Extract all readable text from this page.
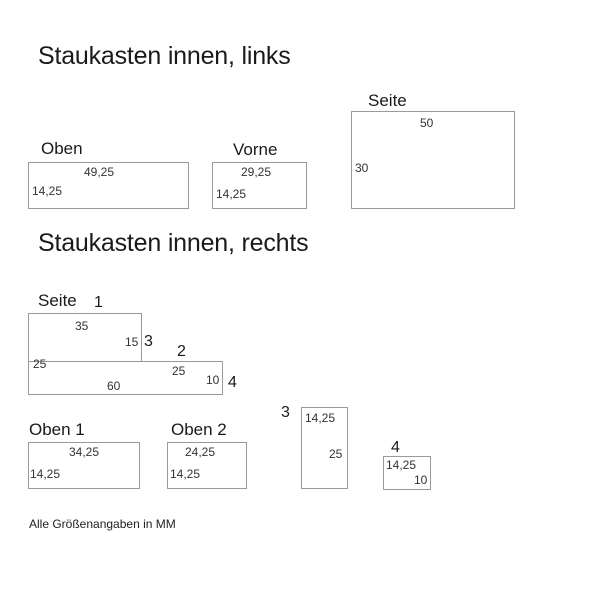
Staukasten innen, links
Oben
49,25
14,25
Vorne
29,25
14,25
Seite
50
30
Staukasten innen, rechts
Seite 1
35
15 3
2
25	25
10 4
60
Oben 1
34,25
14,25
Oben 2
24,25
14,25
3 14,25
25	4
14,25
10
Alle Größenangaben in MM
